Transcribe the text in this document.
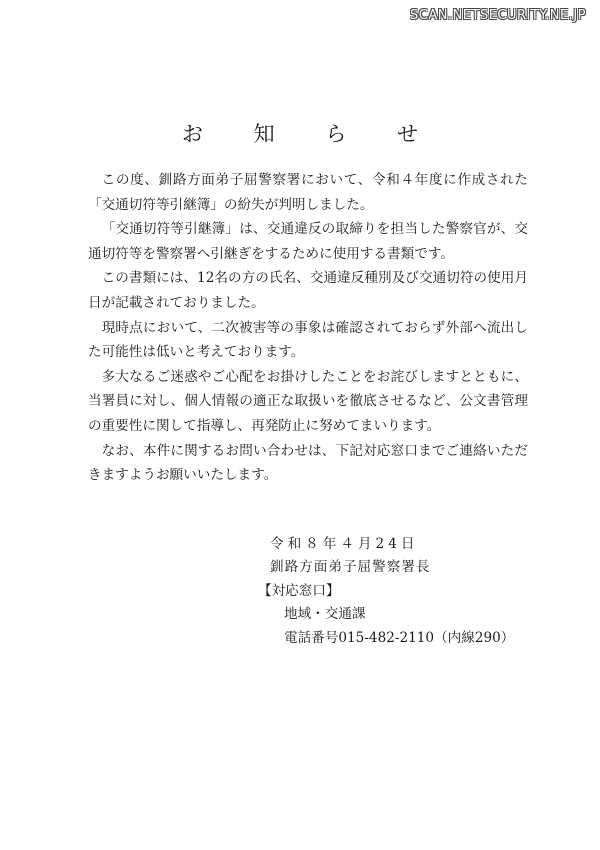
SCAN.NETSECURITY.NE.JP
お 知 ら せ

この度、釧路方面弟子屈警察署において、令和４年度に作成された「交通切符等引継簿」の紛失が判明しました。

「交通切符等引継簿」は、交通違反の取締りを担当した警察官が、交通切符等を警察署へ引継ぎをするために使用する書類です。

この書類には、12名の方の氏名、交通違反種別及び交通切符の使用月日が記載されておりました。

現時点において、二次被害等の事象は確認されておらず外部へ流出した可能性は低いと考えております。

多大なるご迷惑やご心配をお掛けしたことをお詫びしますとともに、当署員に対し、個人情報の適正な取扱いを徹底させるなど、公文書管理の重要性に関して指導し、再発防止に努めてまいります。

なお、本件に関するお問い合わせは、下記対応窓口までご連絡いただきますようお願いいたします。

令和８年４月24日
釧路方面弟子屈警察署長
【対応窓口】
地域・交通課
電話番号015-482-2110（内線290）
